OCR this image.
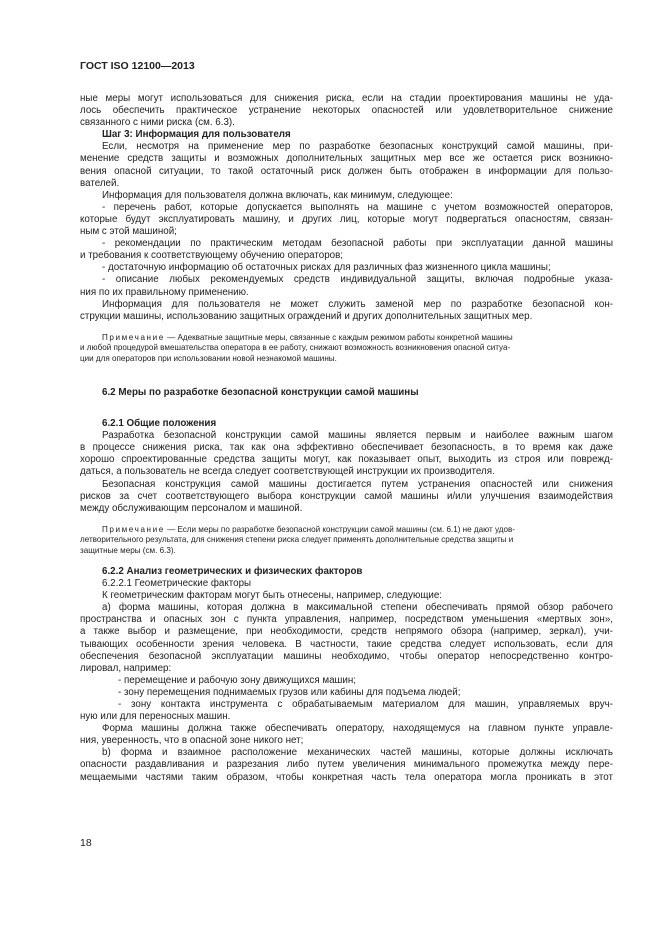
ГОСТ ISO 12100—2013
ные меры могут использоваться для снижения риска, если на стадии проектирования машины не уда-
лось обеспечить практическое устранение некоторых опасностей или удовлетворительное снижение
связанного с ними риска (см. 6.3).
Шаг 3: Информация для пользователя
Если, несмотря на применение мер по разработке безопасных конструкций самой машины, при-
менение средств защиты и возможных дополнительных защитных мер все же остается риск возникно-
вения опасной ситуации, то такой остаточный риск должен быть отображен в информации для пользо-
вателей.
Информация для пользователя должна включать, как минимум, следующее:
- перечень работ, которые допускается выполнять на машине с учетом возможностей операторов,
которые будут эксплуатировать машину, и других лиц, которые могут подвергаться опасностям, связан-
ным с этой машиной;
- рекомендации по практическим методам безопасной работы при эксплуатации данной машины
и требования к соответствующему обучению операторов;
- достаточную информацию об остаточных рисках для различных фаз жизненного цикла машины;
- описание любых рекомендуемых средств индивидуальной защиты, включая подробные указа-
ния по их правильному применению.
Информация для пользователя не может служить заменой мер по разработке безопасной кон-
струкции машины, использованию защитных ограждений и других дополнительных защитных мер.
Примечание — Адекватные защитные меры, связанные с каждым режимом работы конкретной машины
и любой процедурой вмешательства оператора в ее работу, снижают возможность возникновения опасной ситуа-
ции для операторов при использовании новой незнакомой машины.
6.2 Меры по разработке безопасной конструкции самой машины
6.2.1 Общие положения
Разработка безопасной конструкции самой машины является первым и наиболее важным шагом
в процессе снижения риска, так как она эффективно обеспечивает безопасность, в то время как даже
хорошо спроектированные средства защиты могут, как показывает опыт, выходить из строя или поврежд-
даться, а пользователь не всегда следует соответствующей инструкции их производителя.
Безопасная конструкция самой машины достигается путем устранения опасностей или снижения
рисков за счет соответствующего выбора конструкции самой машины и/или улучшения взаимодействия
между обслуживающим персоналом и машиной.
Примечание — Если меры по разработке безопасной конструкции самой машины (см. 6.1) не дают удов-
летворительного результата, для снижения степени риска следует применять дополнительные средства защиты и
защитные меры (см. 6.3).
6.2.2 Анализ геометрических и физических факторов
6.2.2.1 Геометрические факторы
К геометрическим факторам могут быть отнесены, например, следующие:
a) форма машины, которая должна в максимальной степени обеспечивать прямой обзор рабочего
пространства и опасных зон с пункта управления, например, посредством уменьшения «мертвых зон»,
а также выбор и размещение, при необходимости, средств непрямого обзора (например, зеркал), учи-
тывающих особенности зрения человека. В частности, такие средства следует использовать, если для
обеспечения безопасной эксплуатации машины необходимо, чтобы оператор непосредственно контро-
лировал, например:
- перемещение и рабочую зону движущихся машин;
- зону перемещения поднимаемых грузов или кабины для подъема людей;
- зону контакта инструмента с обрабатываемым материалом для машин, управляемых вруч-
ную или для переносных машин.
Форма машины должна также обеспечивать оператору, находящемуся на главном пункте управле-
ния, уверенность, что в опасной зоне никого нет;
b) форма и взаимное расположение механических частей машины, которые должны исключать
опасности раздавливания и разрезания либо путем увеличения минимального промежутка между пере-
мещаемыми частями таким образом, чтобы конкретная часть тела оператора могла проникать в этот
18
